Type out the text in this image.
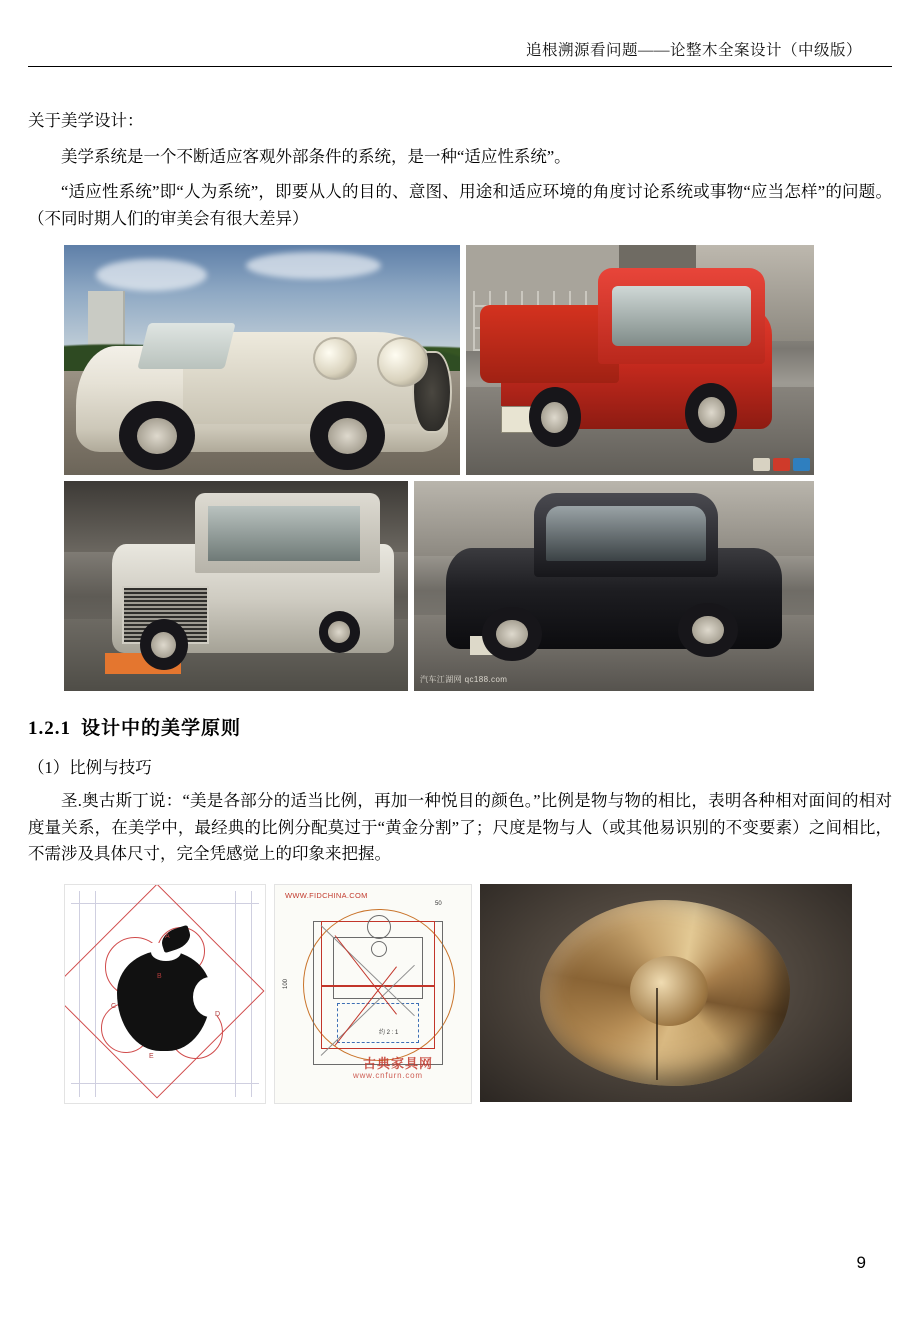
追根溯源看问题——论整木全案设计（中级版）

关于美学设计：

美学系统是一个不断适应客观外部条件的系统，是一种“适应性系统”。

“适应性系统”即“人为系统”，即要从人的目的、意图、用途和适应环境的角度讨论系统或事物“应当怎样”的问题。（不同时期人们的审美会有很大差异）

汽车江湖网 qc188.com
1.2.1 设计中的美学原则
（1）比例与技巧

圣.奥古斯丁说：“美是各部分的适当比例，再加一种悦目的颜色。”比例是物与物的相比，表明各种相对面间的相对度量关系，在美学中，最经典的比例分配莫过于“黄金分割”了；尺度是物与人（或其他易识别的不变要素）之间相比，不需涉及具体尺寸，完全凭感觉上的印象来把握。

A
B
C
D
E
WWW.FIDCHINA.COM
50
100
约 2 : 1
古典家具网
www.cnfurn.com
9
